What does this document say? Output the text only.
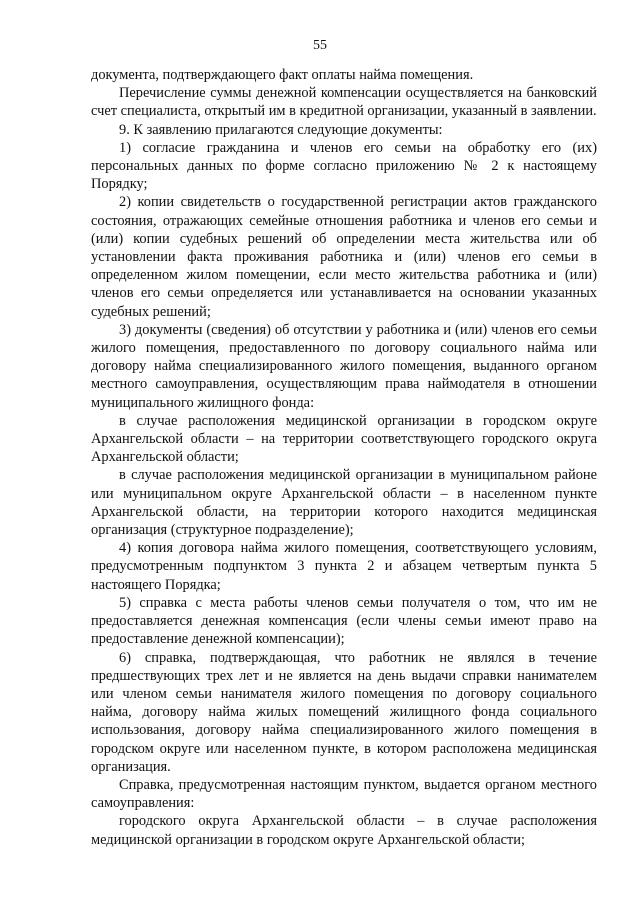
55

документа, подтверждающего факт оплаты найма помещения.

Перечисление суммы денежной компенсации осуществляется на банковский счет специалиста, открытый им в кредитной организации, указанный в заявлении.

9. К заявлению прилагаются следующие документы:

1) согласие гражданина и членов его семьи на обработку его (их) персональных данных по форме согласно приложению № 2 к настоящему Порядку;

2) копии свидетельств о государственной регистрации актов гражданского состояния, отражающих семейные отношения работника и членов его семьи и (или) копии судебных решений об определении места жительства или об установлении факта проживания работника и (или) членов его семьи в определенном жилом помещении, если место жительства работника и (или) членов его семьи определяется или устанавливается на основании указанных судебных решений;

3) документы (сведения) об отсутствии у работника и (или) членов его семьи жилого помещения, предоставленного по договору социального найма или договору найма специализированного жилого помещения, выданного органом местного самоуправления, осуществляющим права наймодателя в отношении муниципального жилищного фонда:

в случае расположения медицинской организации в городском округе Архангельской области – на территории соответствующего городского округа Архангельской области;

в случае расположения медицинской организации в муниципальном районе или муниципальном округе Архангельской области – в населенном пункте Архангельской области, на территории которого находится медицинская организация (структурное подразделение);

4) копия договора найма жилого помещения, соответствующего условиям, предусмотренным подпунктом 3 пункта 2 и абзацем четвертым пункта 5 настоящего Порядка;

5) справка с места работы членов семьи получателя о том, что им не предоставляется денежная компенсация (если члены семьи имеют право на предоставление денежной компенсации);

6) справка, подтверждающая, что работник не являлся в течение предшествующих трех лет и не является на день выдачи справки нанимателем или членом семьи нанимателя жилого помещения по договору социального найма, договору найма жилых помещений жилищного фонда социального использования, договору найма специализированного жилого помещения в городском округе или населенном пункте, в котором расположена медицинская организация.

Справка, предусмотренная настоящим пунктом, выдается органом местного самоуправления:

городского округа Архангельской области – в случае расположения медицинской организации в городском округе Архангельской области;
